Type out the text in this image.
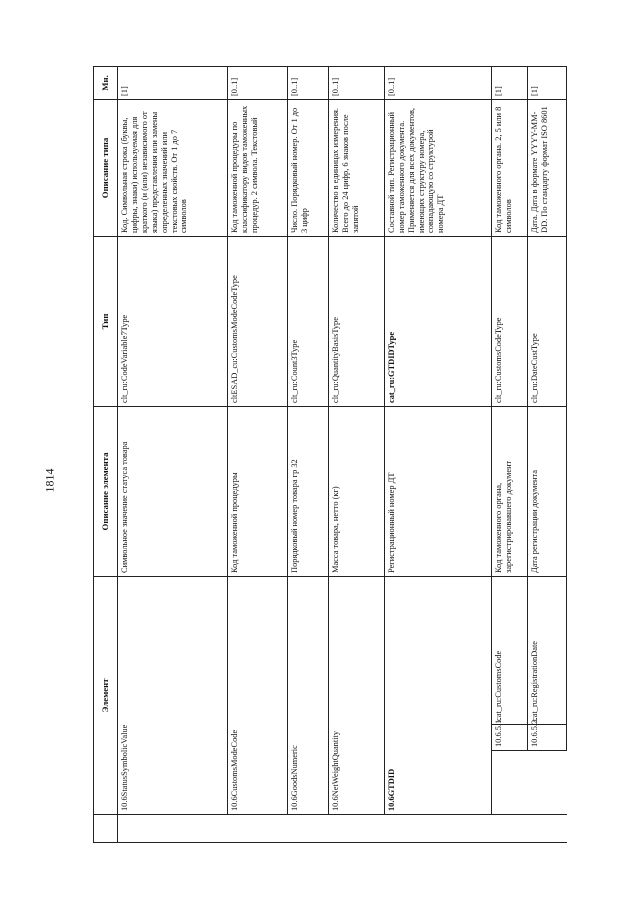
1814
	Элемент			Описание элемента	Тип	Описание типа	Мн.
	10.6StatusSymbolicValue			Символьное значение статуса товара	clt_ru:CodeVariable7Type	Код. Символьная строка (буквы, цифры, знаки) используемая для краткого (и (или) независимого от языка) представления или замены определенных значений или текстовых свойств. От 1 до 7 символов	[1]
	10.6CustomsModeCode			Код таможенной процедуры	cltESAD_cu:CustomsModeCodeType	Код таможенной процедуры по классификатору видов таможенных процедур. 2 символа. Текстовый	[0..1]
	10.6GoodsNumeric			Порядковый номер товара гр 32	clt_ru:Count3Type	Число. Порядковый номер. От 1 до 3 цифр	[0..1]
	10.6NetWeightQuantity			Масса товара, нетто (кг)	clt_ru:QuantityBasisType	Количество в единицах измерения. Всего до 24 цифр, 6 знаков после запятой	[0..1]
	10.6GTDID			Регистрационный номер ДТ	cat_ru:GTDIDType	Составной тип. Регистрационный номер таможенного документа. Применяется для всех документов, имеющих структуру номера, совпадающую со структурой номера ДТ	[0..1]
		10.6.5.1.	cat_ru:CustomsCode	Код таможенного органа, зарегистрировавшего документ	clt_ru:CustomsCodeType	Код таможенного органа. 2, 5 или 8 символов	[1]
		10.6.5.2.	cat_ru:RegistrationDate	Дата регистрации документа	clt_ru:DateCustType	Дата. Дата в формате YYYY-MM-DD. По стандарту формат ISO 8601	[1]
